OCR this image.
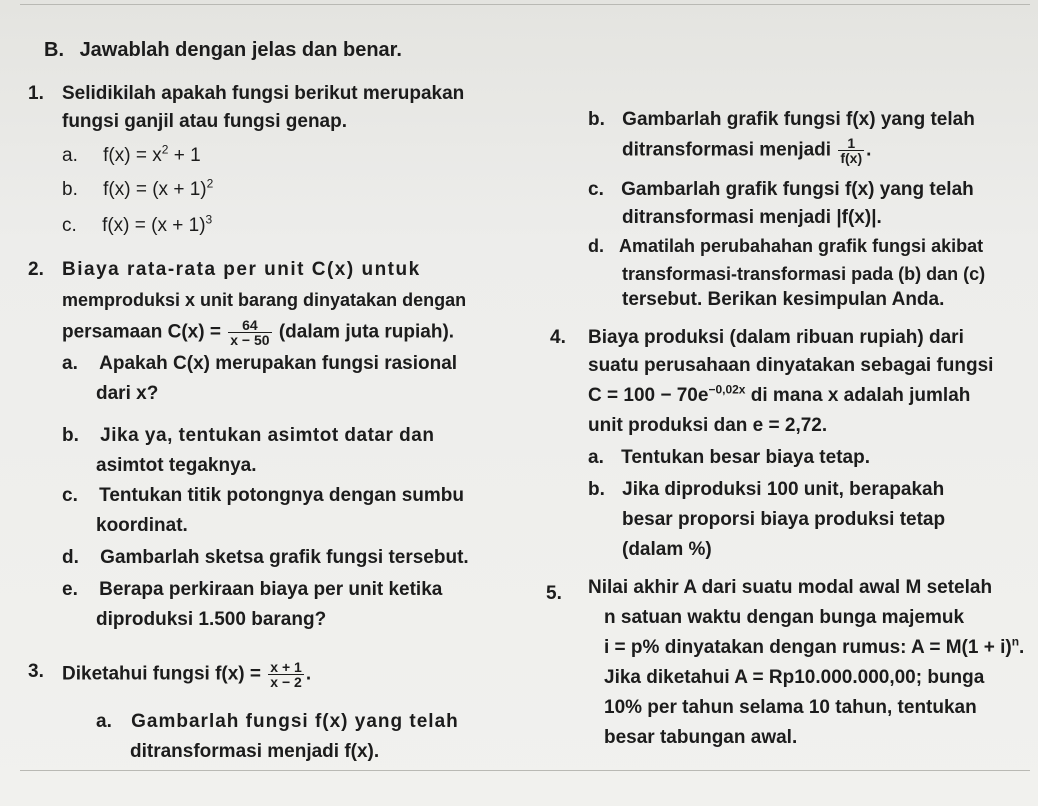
B. Jawablah dengan jelas dan benar.
1. Selidikilah apakah fungsi berikut merupakan
fungsi ganjil atau fungsi genap.
a. $f(x) = x^2 + 1$
b. $f(x) = (x + 1)^2$
c. $f(x) = (x + 1)^3$
2. Biaya rata-rata per unit C(x) untuk
memproduksi x unit barang dinyatakan dengan
persamaan $C(x) = \frac{64}{x - 50}$ (dalam juta rupiah).
a. Apakah C(x) merupakan fungsi rasional
dari x?
b. Jika ya, tentukan asimtot datar dan
asimtot tegaknya.
c. Tentukan titik potongnya dengan sumbu
koordinat.
d. Gambarlah sketsa grafik fungsi tersebut.
e. Berapa perkiraan biaya per unit ketika
diproduksi 1.500 barang?
3. Diketahui fungsi $f(x) = \frac{x + 1}{x - 2}$ .
a. Gambarlah fungsi f(x) yang telah
ditransformasi menjadi f(x).
b. Gambarlah grafik fungsi f(x) yang telah
ditransformasi menjadi $\frac{1}{f(x)}$ .
c. Gambarlah grafik fungsi f(x) yang telah
ditransformasi menjadi |f(x)|.
d. Amatilah perubahahan grafik fungsi akibat
transformasi-transformasi pada (b) dan (c)
tersebut. Berikan kesimpulan Anda.
4. Biaya produksi (dalam ribuan rupiah) dari
suatu perusahaan dinyatakan sebagai fungsi
$C = 100 - 70e^{-0,02x}$ di mana x adalah jumlah
unit produksi dan e = 2,72.
a. Tentukan besar biaya tetap.
b. Jika diproduksi 100 unit, berapakah
besar proporsi biaya produksi tetap
(dalam %)
5. Nilai akhir A dari suatu modal awal M setelah
n satuan waktu dengan bunga majemuk
i = p% dinyatakan dengan rumus: $A = M(1 + i)^n$.
Jika diketahui A = Rp10.000.000,00; bunga
10% per tahun selama 10 tahun, tentukan
besar tabungan awal.
